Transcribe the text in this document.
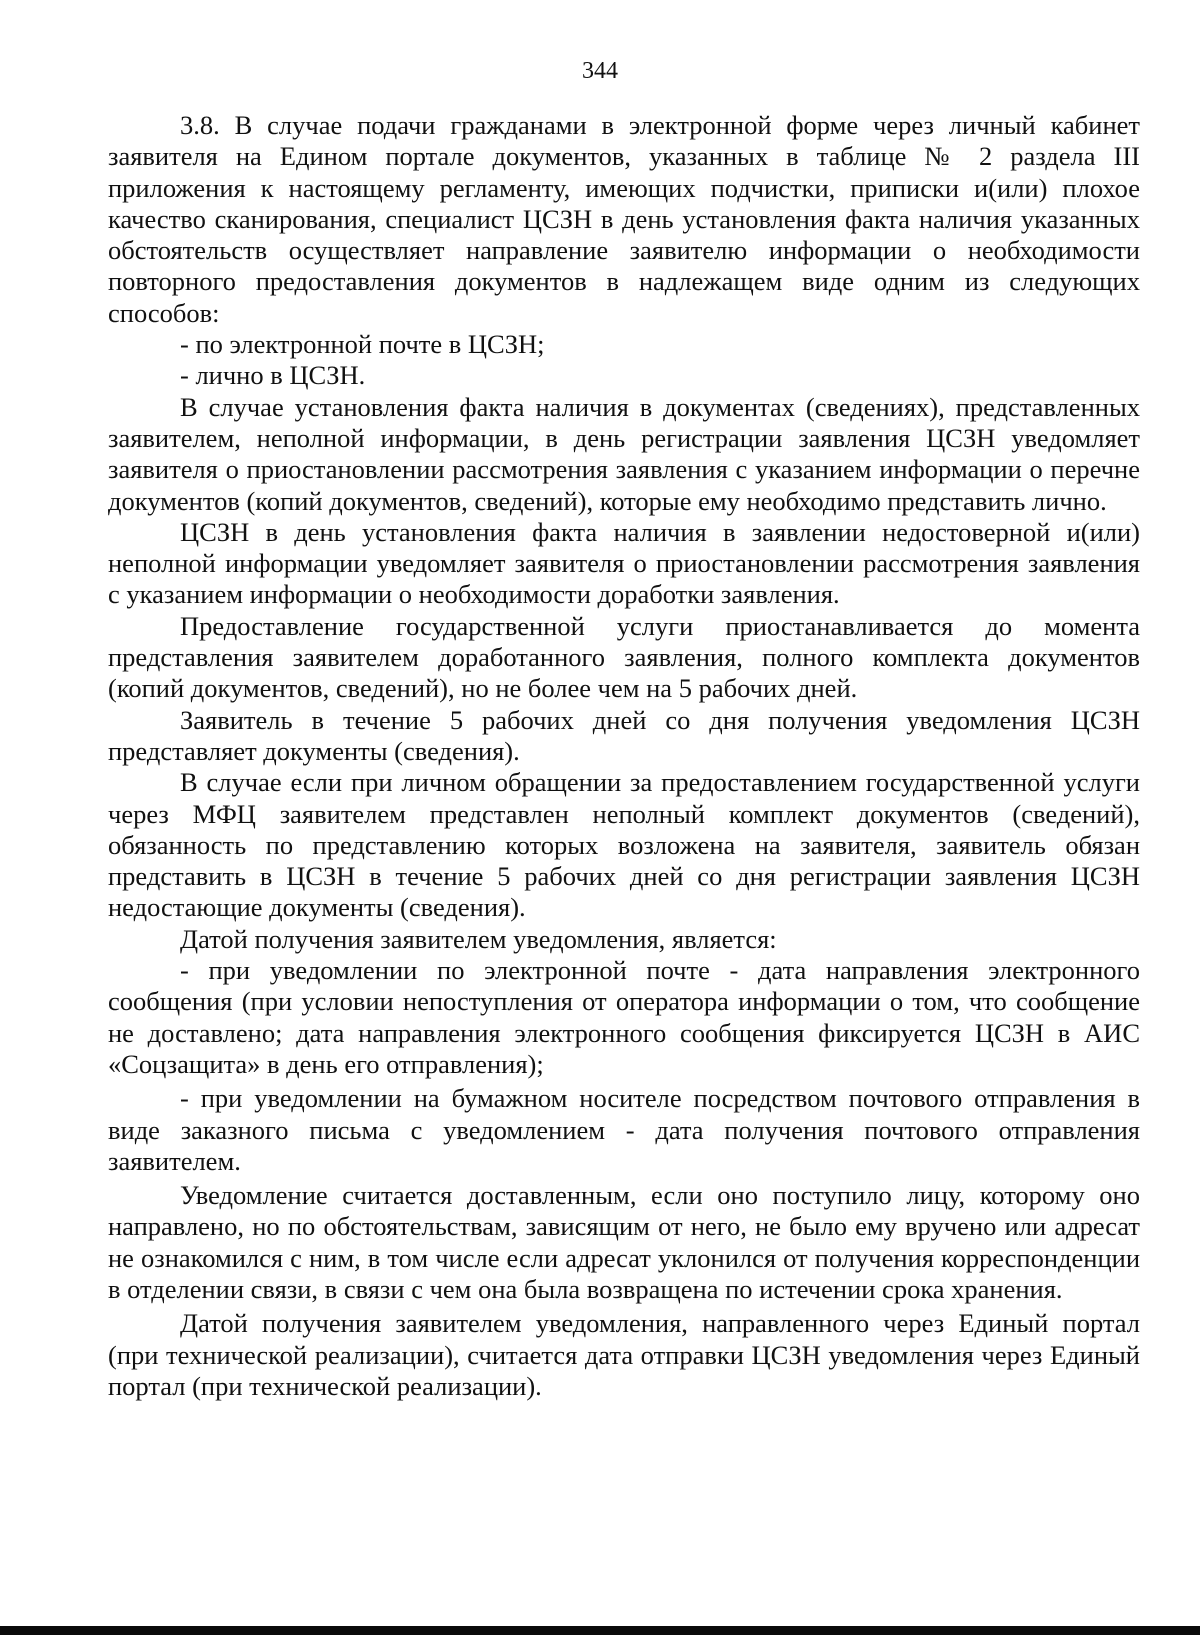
344

3.8. В случае подачи гражданами в электронной форме через личный кабинет заявителя на Едином портале документов, указанных в таблице № 2 раздела III приложения к настоящему регламенту, имеющих подчистки, приписки и(или) плохое качество сканирования, специалист ЦСЗН в день установления факта наличия указанных обстоятельств осуществляет направление заявителю информации о необходимости повторного предоставления документов в надлежащем виде одним из следующих способов:

- по электронной почте в ЦСЗН;

- лично в ЦСЗН.

В случае установления факта наличия в документах (сведениях), представленных заявителем, неполной информации, в день регистрации заявления ЦСЗН уведомляет заявителя о приостановлении рассмотрения заявления с указанием информации о перечне документов (копий документов, сведений), которые ему необходимо представить лично.

ЦСЗН в день установления факта наличия в заявлении недостоверной и(или) неполной информации уведомляет заявителя о приостановлении рассмотрения заявления с указанием информации о необходимости доработки заявления.

Предоставление государственной услуги приостанавливается до момента представления заявителем доработанного заявления, полного комплекта документов (копий документов, сведений), но не более чем на 5 рабочих дней.

Заявитель в течение 5 рабочих дней со дня получения уведомления ЦСЗН представляет документы (сведения).

В случае если при личном обращении за предоставлением государственной услуги через МФЦ заявителем представлен неполный комплект документов (сведений), обязанность по представлению которых возложена на заявителя, заявитель обязан представить в ЦСЗН в течение 5 рабочих дней со дня регистрации заявления ЦСЗН недостающие документы (сведения).

Датой получения заявителем уведомления, является:

- при уведомлении по электронной почте - дата направления электронного сообщения (при условии непоступления от оператора информации о том, что сообщение не доставлено; дата направления электронного сообщения фиксируется ЦСЗН в АИС «Соцзащита» в день его отправления);

- при уведомлении на бумажном носителе посредством почтового отправления в виде заказного письма с уведомлением - дата получения почтового отправления заявителем.

Уведомление считается доставленным, если оно поступило лицу, которому оно направлено, но по обстоятельствам, зависящим от него, не было ему вручено или адресат не ознакомился с ним, в том числе если адресат уклонился от получения корреспонденции в отделении связи, в связи с чем она была возвращена по истечении срока хранения.

Датой получения заявителем уведомления, направленного через Единый портал (при технической реализации), считается дата отправки ЦСЗН уведомления через Единый портал (при технической реализации).
